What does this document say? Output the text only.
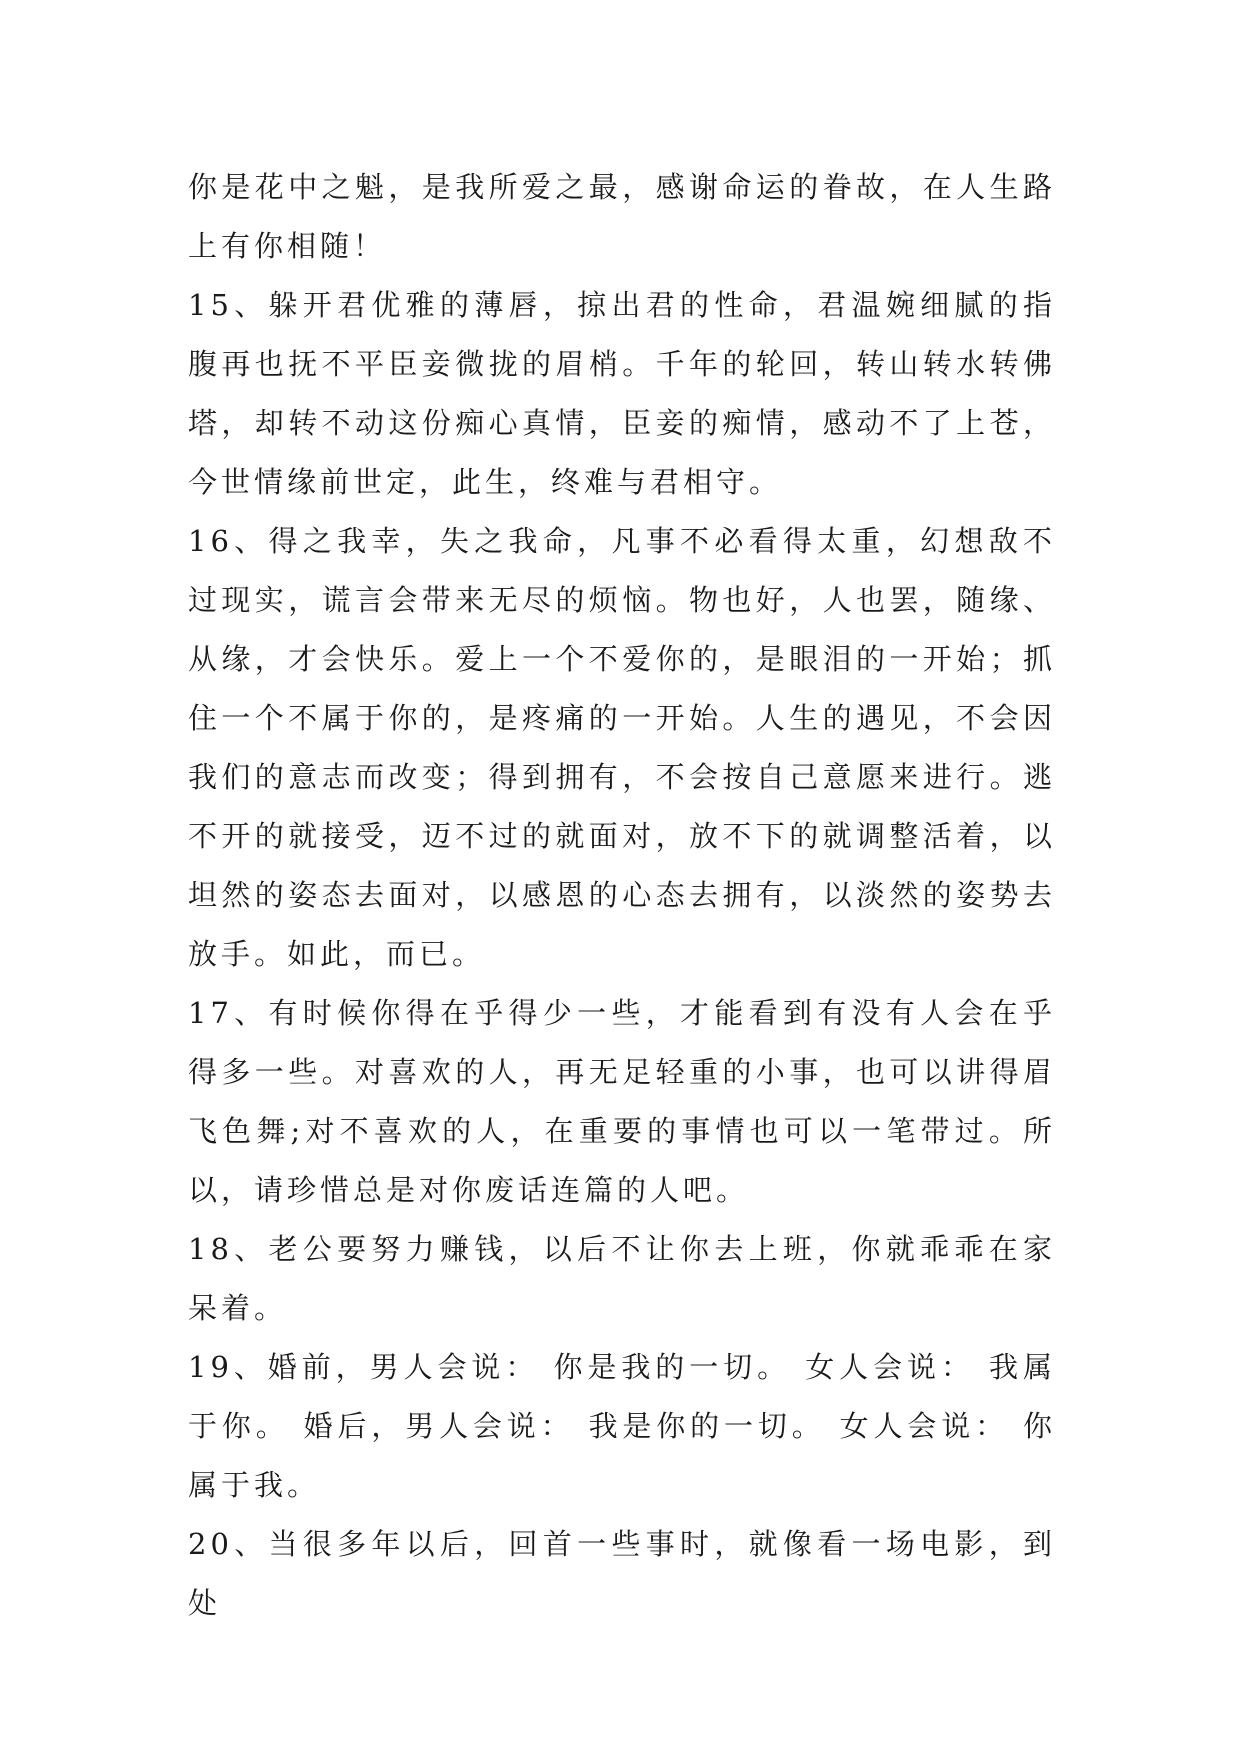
你是花中之魁，是我所爱之最，感谢命运的眷故，在人生路上有你相随！

15、躲开君优雅的薄唇，掠出君的性命，君温婉细腻的指腹再也抚不平臣妾微拢的眉梢。千年的轮回，转山转水转佛塔，却转不动这份痴心真情，臣妾的痴情，感动不了上苍，今世情缘前世定，此生，终难与君相守。

16、得之我幸，失之我命，凡事不必看得太重，幻想敌不过现实，谎言会带来无尽的烦恼。物也好，人也罢，随缘、从缘，才会快乐。爱上一个不爱你的，是眼泪的一开始；抓住一个不属于你的，是疼痛的一开始。人生的遇见，不会因我们的意志而改变；得到拥有，不会按自己意愿来进行。逃不开的就接受，迈不过的就面对，放不下的就调整活着，以坦然的姿态去面对，以感恩的心态去拥有，以淡然的姿势去放手。如此，而已。

17、有时候你得在乎得少一些，才能看到有没有人会在乎得多一些。对喜欢的人，再无足轻重的小事，也可以讲得眉飞色舞;对不喜欢的人，在重要的事情也可以一笔带过。所以，请珍惜总是对你废话连篇的人吧。

18、老公要努力赚钱，以后不让你去上班，你就乖乖在家呆着。

19、婚前，男人会说： 你是我的一切。 女人会说： 我属于你。 婚后，男人会说： 我是你的一切。 女人会说： 你属于我。

20、当很多年以后，回首一些事时，就像看一场电影，到处
